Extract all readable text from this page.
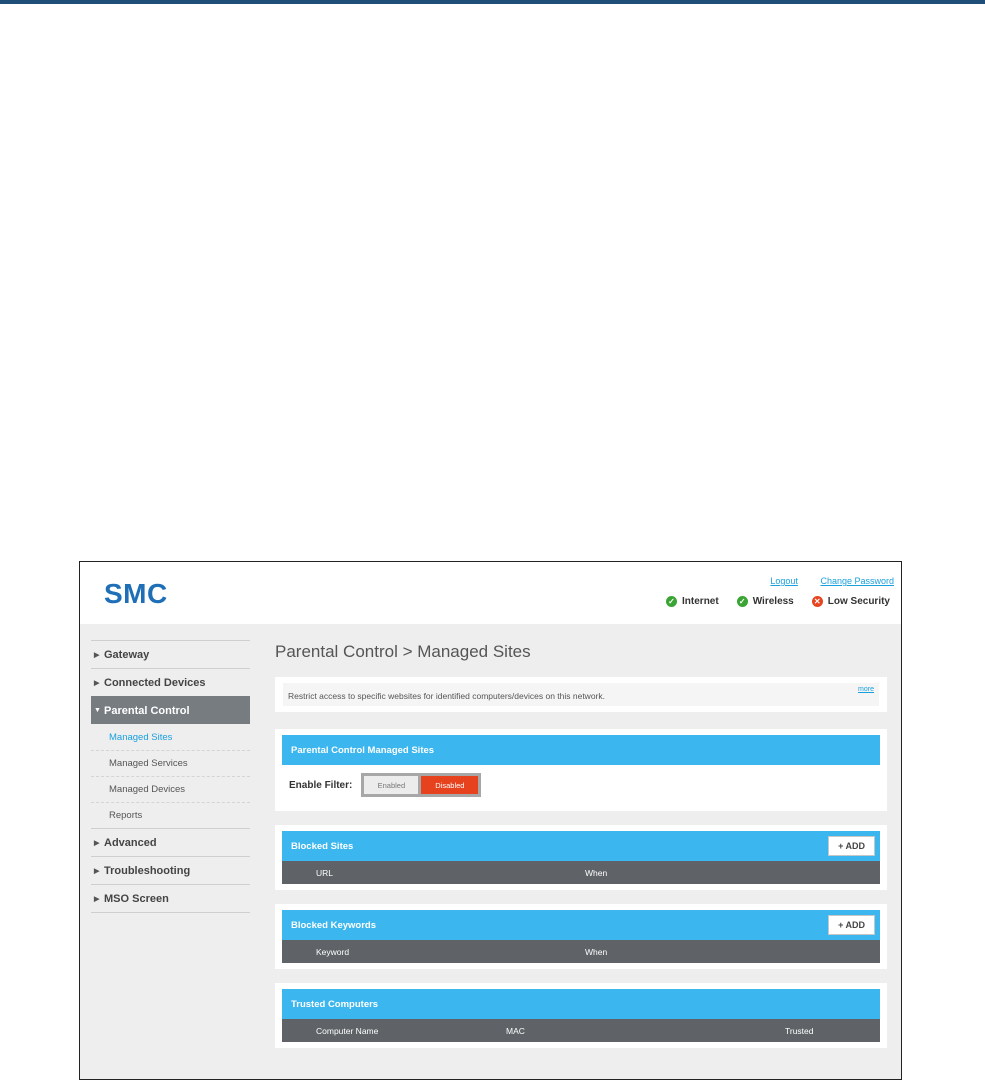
SMC	Logout	Change Password
✓ Internet	✓ Wireless	✕ Low Security
▶ Gateway
▶ Connected Devices
▼ Parental Control
Managed Sites
Managed Services
Managed Devices
Reports
▶ Advanced
▶ Troubleshooting
▶ MSO Screen
Parental Control > Managed Sites
Restrict access to specific websites for identified computers/devices on this network.
more
Parental Control Managed Sites
Enable Filter:	Enabled	Disabled
Blocked Sites	+ ADD
URL	When
Blocked Keywords	+ ADD
Keyword	When
Trusted Computers
Computer Name	MAC	Trusted
